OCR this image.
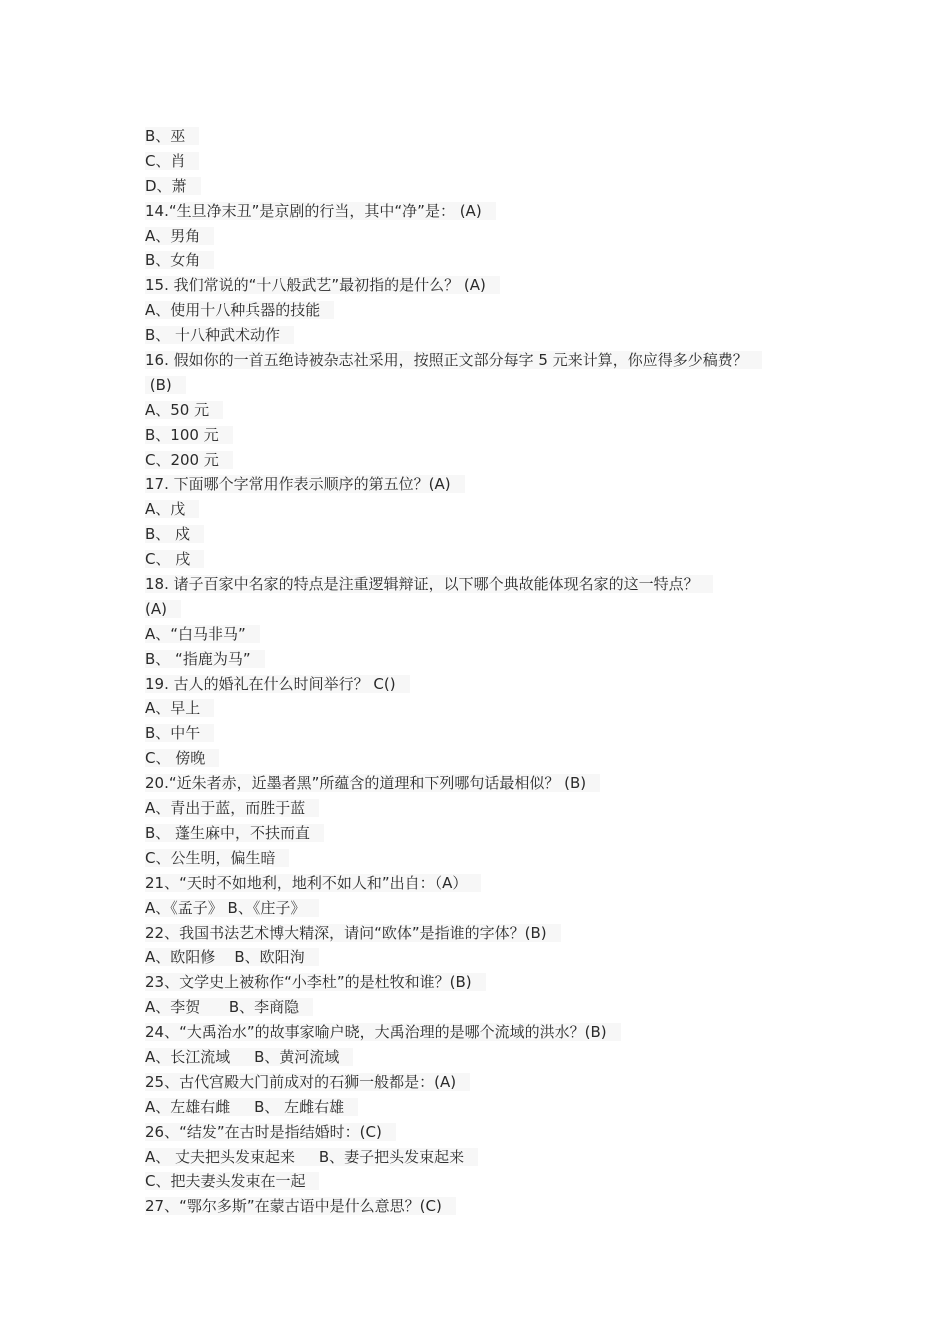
B、巫
C、肖
D、萧
14.“生旦净末丑”是京剧的行当，其中“净”是： (A)
A、男角
B、女角
15. 我们常说的“十八般武艺”最初指的是什么？ (A)
A、使用十八种兵器的技能
B、 十八种武术动作
16. 假如你的一首五绝诗被杂志社采用，按照正文部分每字 5 元来计算，你应得多少稿费？
(B)
A、50 元
B、100 元
C、200 元
17. 下面哪个字常用作表示顺序的第五位？(A)
A、戊
B、 戍
C、 戌
18. 诸子百家中名家的特点是注重逻辑辩证，以下哪个典故能体现名家的这一特点？
(A)
A、“白马非马”
B、 “指鹿为马”
19. 古人的婚礼在什么时间举行？ C()
A、早上
B、中午
C、 傍晚
20.“近朱者赤，近墨者黑”所蕴含的道理和下列哪句话最相似？ (B)
A、青出于蓝，而胜于蓝
B、 蓬生麻中，不扶而直
C、公生明，偏生暗
21、“天时不如地利，地利不如人和”出自：（A）
A、《孟子》 B、《庄子》
22、我国书法艺术博大精深，请问“欧体”是指谁的字体？(B)
A、欧阳修    B、欧阳洵
23、文学史上被称作“小李杜”的是杜牧和谁？(B)
A、李贺      B、李商隐
24、“大禹治水”的故事家喻户晓，大禹治理的是哪个流域的洪水？(B)
A、长江流域     B、黄河流域
25、古代宫殿大门前成对的石狮一般都是：(A)
A、左雄右雌     B、 左雌右雄
26、“结发”在古时是指结婚时：(C)
A、 丈夫把头发束起来     B、妻子把头发束起来
C、把夫妻头发束在一起
27、“鄂尔多斯”在蒙古语中是什么意思？(C)
